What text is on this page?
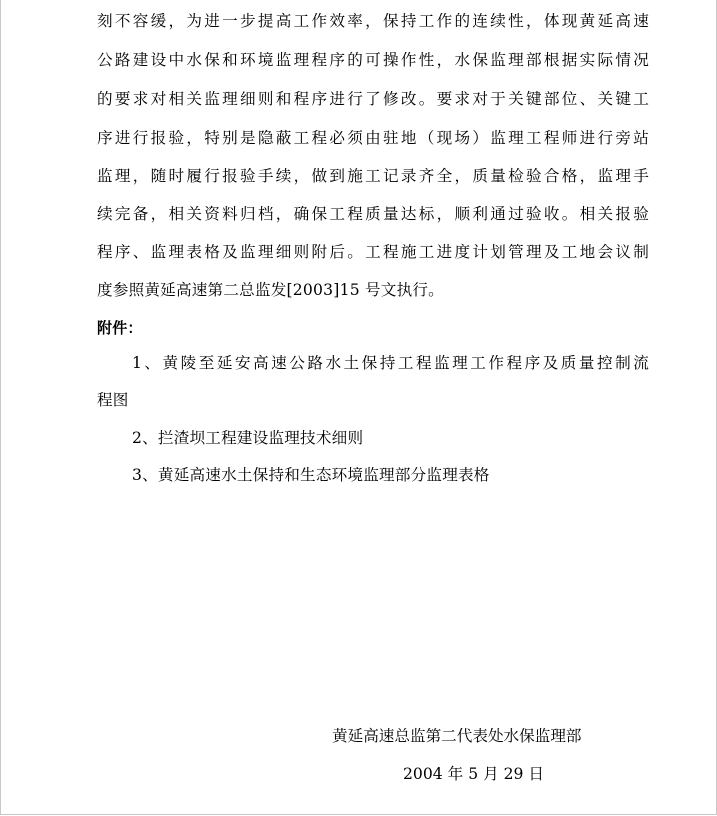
刻不容缓，为进一步提高工作效率，保持工作的连续性，体现黄延高速
公路建设中水保和环境监理程序的可操作性，水保监理部根据实际情况
的要求对相关监理细则和程序进行了修改。要求对于关键部位、关键工
序进行报验，特别是隐蔽工程必须由驻地（现场）监理工程师进行旁站
监理，随时履行报验手续，做到施工记录齐全，质量检验合格，监理手
续完备，相关资料归档，确保工程质量达标，顺利通过验收。相关报验
程序、监理表格及监理细则附后。工程施工进度计划管理及工地会议制
度参照黄延高速第二总监发[2003]15 号文执行。
附件：
1、黄陵至延安高速公路水土保持工程监理工作程序及质量控制流
程图
2、拦渣坝工程建设监理技术细则
3、黄延高速水土保持和生态环境监理部分监理表格
黄延高速总监第二代表处水保监理部
2004 年 5 月 29 日
